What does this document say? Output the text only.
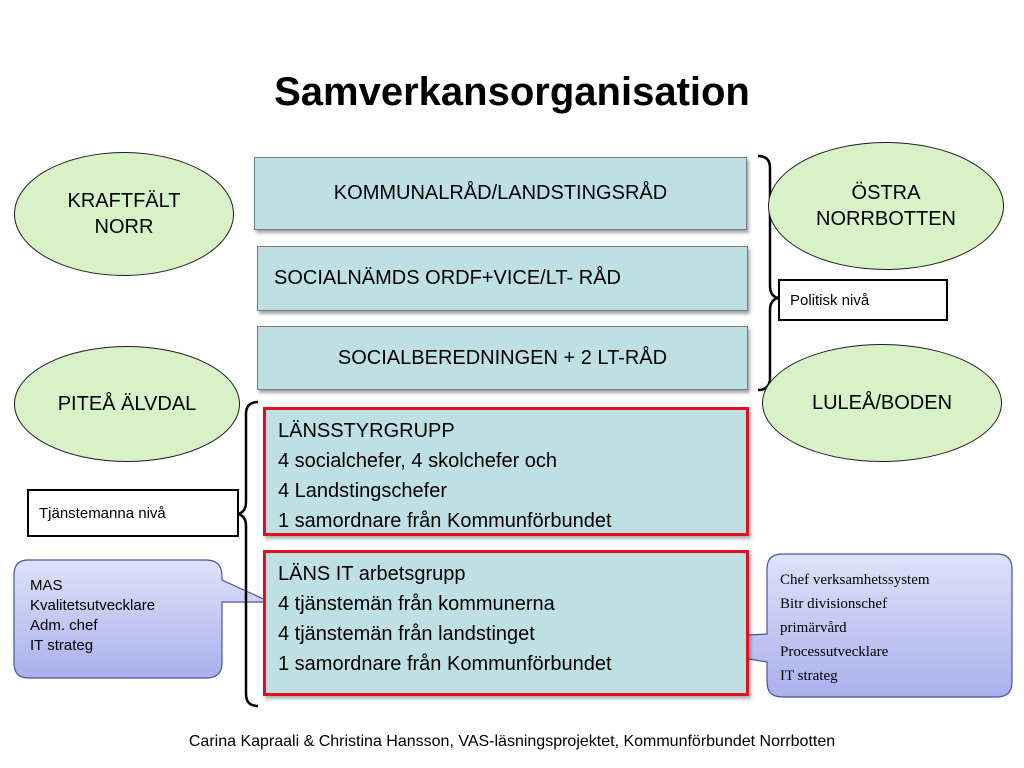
Samverkansorganisation
KOMMUNALRÅD/LANDSTINGSRÅD
SOCIALNÄMDS ORDF+VICE/LT- RÅD
SOCIALBEREDNINGEN + 2 LT-RÅD
LÄNSSTYRGRUPP
4 socialchefer, 4 skolchefer och
4 Landstingschefer
1 samordnare från Kommunförbundet
LÄNS IT arbetsgrupp
4 tjänstemän från kommunerna
4 tjänstemän från landstinget
1 samordnare från Kommunförbundet
KRAFTFÄLT
NORR
ÖSTRA
NORRBOTTEN
PITEÅ ÄLVDAL	LULEÅ/BODEN
Politisk nivå
Tjänstemanna nivå
MAS
Kvalitetsutvecklare
Adm. chef
IT strateg
Chef verksamhetssystem
Bitr divisionschef
primärvård
Processutvecklare
IT strateg
Carina Kapraali & Christina Hansson, VAS-läsningsprojektet, Kommunförbundet Norrbotten
